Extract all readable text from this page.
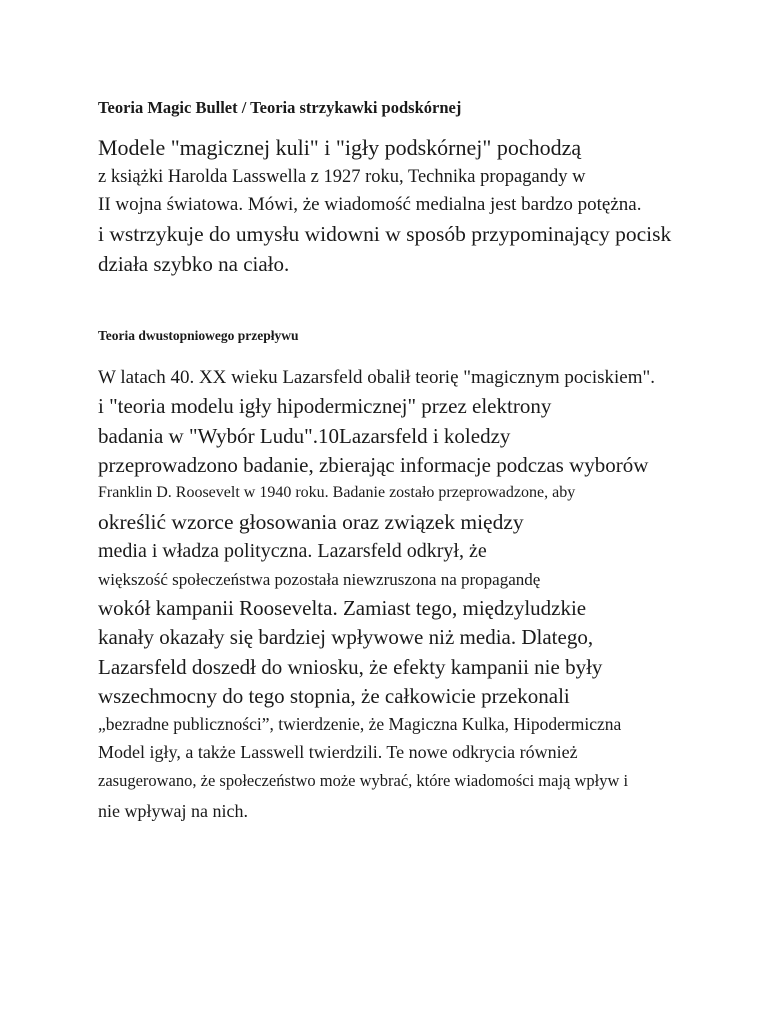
Teoria Magic Bullet / Teoria strzykawki podskórnej
Modele "magicznej kuli" i "igły podskórnej" pochodzą
z książki Harolda Lasswella z 1927 roku, Technika propagandy w
II wojna światowa. Mówi, że wiadomość medialna jest bardzo potężna.
i wstrzykuje do umysłu widowni w sposób przypominający pocisk
działa szybko na ciało.
Teoria dwustopniowego przepływu
W latach 40. XX wieku Lazarsfeld obalił teorię "magicznym pociskiem".
i "teoria modelu igły hipodermicznej" przez elektrony
badania w "Wybór Ludu".10Lazarsfeld i koledzy
przeprowadzono badanie, zbierając informacje podczas wyborów
Franklin D. Roosevelt w 1940 roku. Badanie zostało przeprowadzone, aby
określić wzorce głosowania oraz związek między
media i władza polityczna. Lazarsfeld odkrył, że
większość społeczeństwa pozostała niewzruszona na propagandę
wokół kampanii Roosevelta. Zamiast tego, międzyludzkie
kanały okazały się bardziej wpływowe niż media. Dlatego,
Lazarsfeld doszedł do wniosku, że efekty kampanii nie były
wszechmocny do tego stopnia, że całkowicie przekonali
„bezradne publiczności”, twierdzenie, że Magiczna Kulka, Hipodermiczna
Model igły, a także Lasswell twierdzili. Te nowe odkrycia również
zasugerowano, że społeczeństwo może wybrać, które wiadomości mają wpływ i
nie wpływaj na nich.
